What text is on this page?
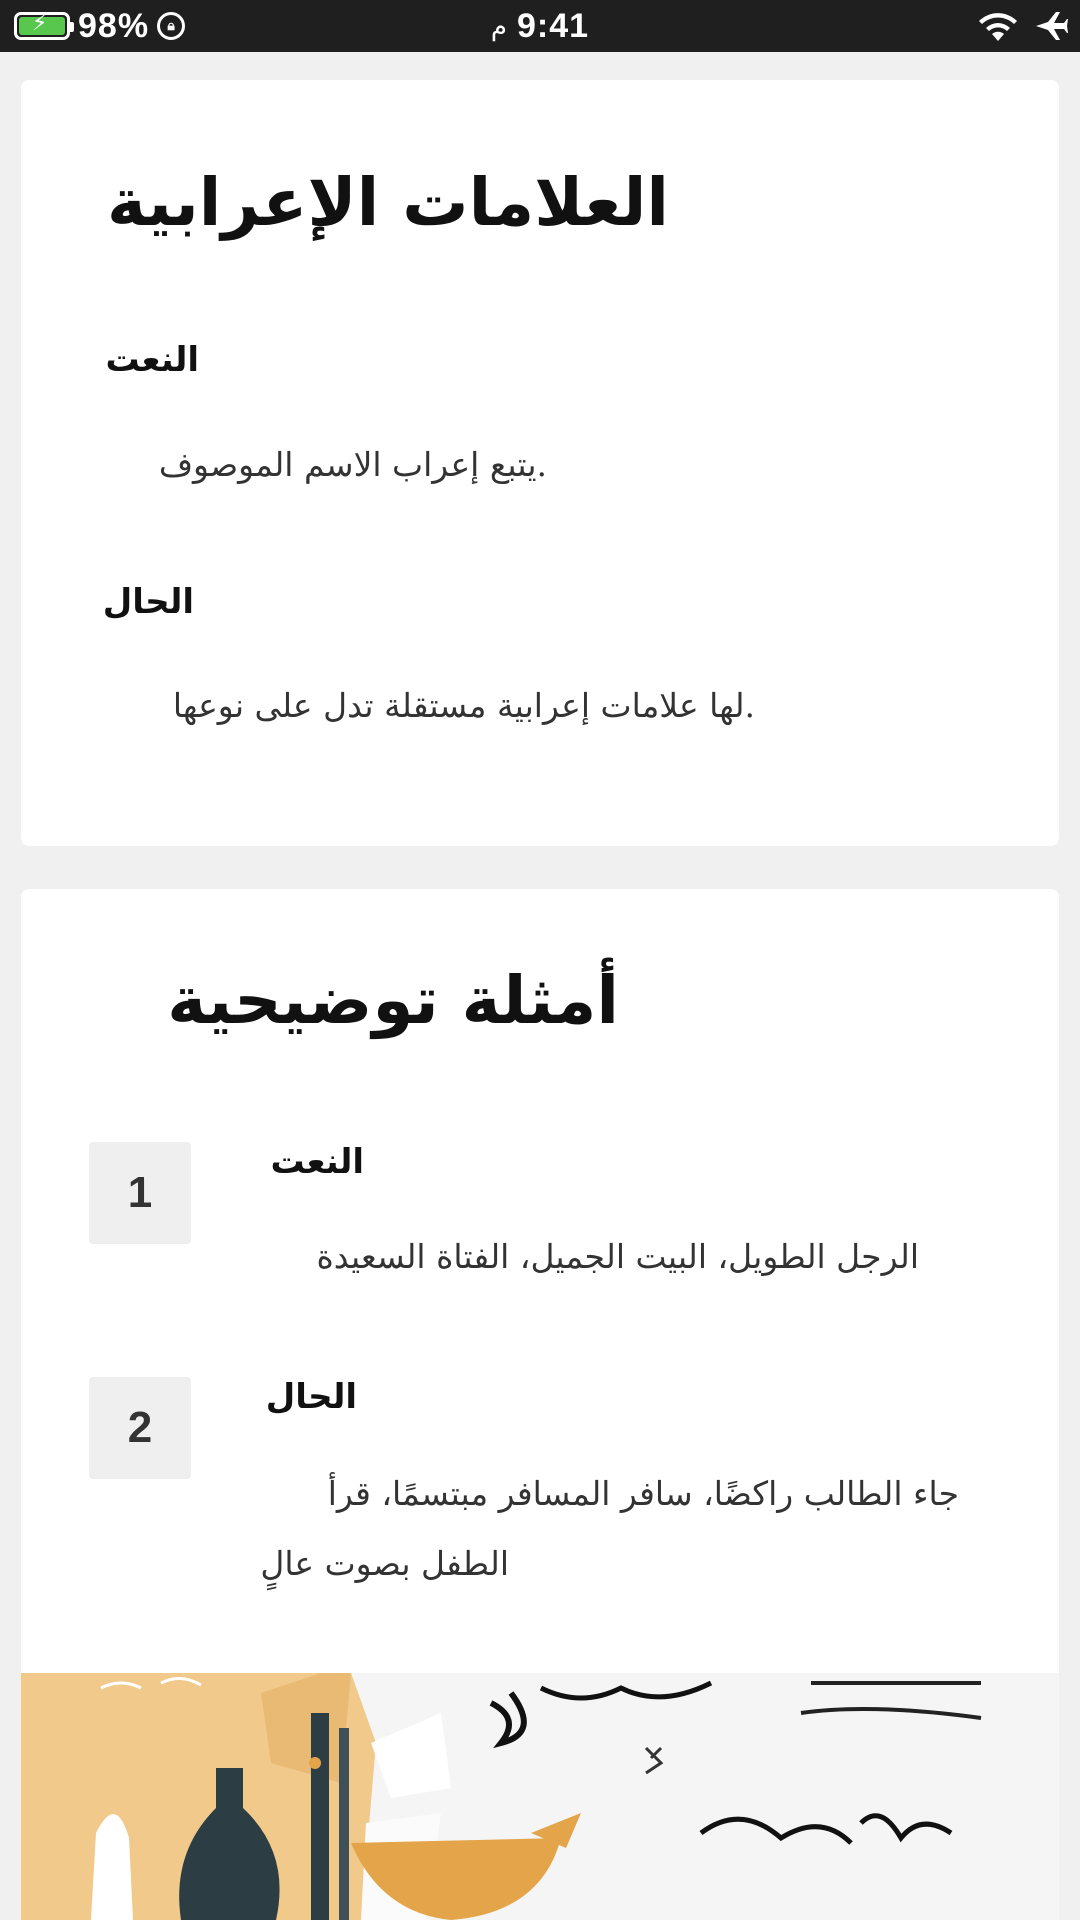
⚡ 98%	🔒︎	م 9:41
العلامات الإعرابية
النعت
.يتبع إعراب الاسم الموصوف
الحال
.لها علامات إعرابية مستقلة تدل على نوعها
أمثلة توضيحية
1
النعت
الرجل الطويل، البيت الجميل، الفتاة السعيدة
2
الحال
جاء الطالب راكضًا، سافر المسافر مبتسمًا، قرأ
الطفل بصوت عالٍ
